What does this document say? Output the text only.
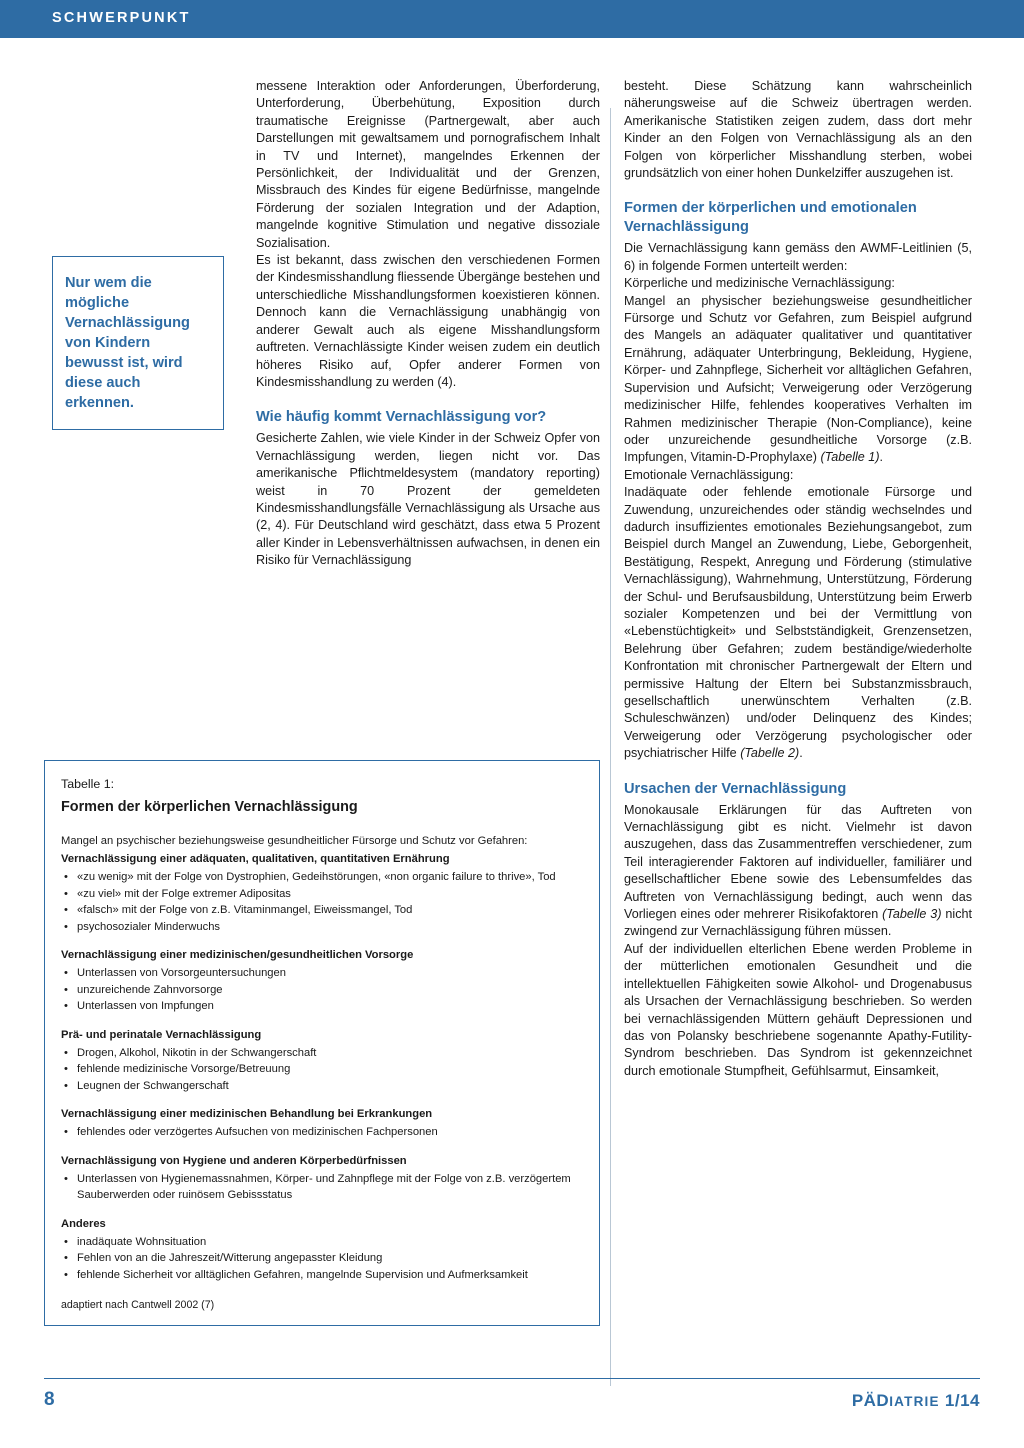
SCHWERPUNKT
Nur wem die mögliche Vernachlässigung von Kindern bewusst ist, wird diese auch erkennen.

messene Interaktion oder Anforderungen, Überforderung, Unterforderung, Überbehütung, Exposition durch traumatische Ereignisse (Partnergewalt, aber auch Darstellungen mit gewaltsamem und pornografischem Inhalt in TV und Internet), mangelndes Erkennen der Persönlichkeit, der Individualität und der Grenzen, Missbrauch des Kindes für eigene Bedürfnisse, mangelnde Förderung der sozialen Integration und der Adaption, mangelnde kognitive Stimulation und negative dissoziale Sozialisation.

Es ist bekannt, dass zwischen den verschiedenen Formen der Kindesmisshandlung fliessende Übergänge bestehen und unterschiedliche Misshandlungsformen koexistieren können. Dennoch kann die Vernachlässigung unabhängig von anderer Gewalt auch als eigene Misshandlungsform auftreten. Vernachlässigte Kinder weisen zudem ein deutlich höheres Risiko auf, Opfer anderer Formen von Kindesmisshandlung zu werden (4).

Wie häufig kommt Vernachlässigung vor?

Gesicherte Zahlen, wie viele Kinder in der Schweiz Opfer von Vernachlässigung werden, liegen nicht vor. Das amerikanische Pflichtmeldesystem (mandatory reporting) weist in 70 Prozent der gemeldeten Kindesmisshandlungsfälle Vernachlässigung als Ursache aus (2, 4). Für Deutschland wird geschätzt, dass etwa 5 Prozent aller Kinder in Lebensverhältnissen aufwachsen, in denen ein Risiko für Vernachlässigung

besteht. Diese Schätzung kann wahrscheinlich näherungsweise auf die Schweiz übertragen werden. Amerikanische Statistiken zeigen zudem, dass dort mehr Kinder an den Folgen von Vernachlässigung als an den Folgen von körperlicher Misshandlung sterben, wobei grundsätzlich von einer hohen Dunkelziffer auszugehen ist.

Formen der körperlichen und emotionalen Vernachlässigung

Die Vernachlässigung kann gemäss den AWMF-Leitlinien (5, 6) in folgende Formen unterteilt werden:

Körperliche und medizinische Vernachlässigung:

Mangel an physischer beziehungsweise gesundheitlicher Fürsorge und Schutz vor Gefahren, zum Beispiel aufgrund des Mangels an adäquater qualitativer und quantitativer Ernährung, adäquater Unterbringung, Bekleidung, Hygiene, Körper- und Zahnpflege, Sicherheit vor alltäglichen Gefahren, Supervision und Aufsicht; Verweigerung oder Verzögerung medizinischer Hilfe, fehlendes kooperatives Verhalten im Rahmen medizinischer Therapie (Non-Compliance), keine oder unzureichende gesundheitliche Vorsorge (z.B. Impfungen, Vitamin-D-Prophylaxe) (Tabelle 1).

Emotionale Vernachlässigung:

Inadäquate oder fehlende emotionale Fürsorge und Zuwendung, unzureichendes oder ständig wechselndes und dadurch insuffizientes emotionales Beziehungsangebot, zum Beispiel durch Mangel an Zuwendung, Liebe, Geborgenheit, Bestätigung, Respekt, Anregung und Förderung (stimulative Vernachlässigung), Wahrnehmung, Unterstützung, Förderung der Schul- und Berufsausbildung, Unterstützung beim Erwerb sozialer Kompetenzen und bei der Vermittlung von «Lebenstüchtigkeit» und Selbstständigkeit, Grenzensetzen, Belehrung über Gefahren; zudem beständige/wiederholte Konfrontation mit chronischer Partnergewalt der Eltern und permissive Haltung der Eltern bei Substanzmissbrauch, gesellschaftlich unerwünschtem Verhalten (z.B. Schuleschwänzen) und/oder Delinquenz des Kindes; Verweigerung oder Verzögerung psychologischer oder psychiatrischer Hilfe (Tabelle 2).

Ursachen der Vernachlässigung

Monokausale Erklärungen für das Auftreten von Vernachlässigung gibt es nicht. Vielmehr ist davon auszugehen, dass das Zusammentreffen verschiedener, zum Teil interagierender Faktoren auf individueller, familiärer und gesellschaftlicher Ebene sowie des Lebensumfeldes das Auftreten von Vernachlässigung bedingt, auch wenn das Vorliegen eines oder mehrerer Risikofaktoren (Tabelle 3) nicht zwingend zur Vernachlässigung führen müssen.

Auf der individuellen elterlichen Ebene werden Probleme in der mütterlichen emotionalen Gesundheit und die intellektuellen Fähigkeiten sowie Alkohol- und Drogenabusus als Ursachen der Vernachlässigung beschrieben. So werden bei vernachlässigenden Müttern gehäuft Depressionen und das von Polansky beschriebene sogenannte Apathy-Futility-Syndrom beschrieben. Das Syndrom ist gekennzeichnet durch emotionale Stumpfheit, Gefühlsarmut, Einsamkeit,

Tabelle 1:
Formen der körperlichen Vernachlässigung
Mangel an psychischer beziehungsweise gesundheitlicher Fürsorge und Schutz vor Gefahren:
Vernachlässigung einer adäquaten, qualitativen, quantitativen Ernährung
• «zu wenig» mit der Folge von Dystrophien, Gedeihstörungen, «non organic failure to thrive», Tod
• «zu viel» mit der Folge extremer Adipositas
• «falsch» mit der Folge von z.B. Vitaminmangel, Eiweissmangel, Tod
• psychosozialer Minderwuchs
Vernachlässigung einer medizinischen/gesundheitlichen Vorsorge
• Unterlassen von Vorsorgeuntersuchungen
• unzureichende Zahnvorsorge
• Unterlassen von Impfungen
Prä- und perinatale Vernachlässigung
• Drogen, Alkohol, Nikotin in der Schwangerschaft
• fehlende medizinische Vorsorge/Betreuung
• Leugnen der Schwangerschaft
Vernachlässigung einer medizinischen Behandlung bei Erkrankungen
• fehlendes oder verzögertes Aufsuchen von medizinischen Fachpersonen
Vernachlässigung von Hygiene und anderen Körperbedürfnissen
• Unterlassen von Hygienemassnahmen, Körper- und Zahnpflege mit der Folge von z.B. verzögertem Sauberwerden oder ruinösem Gebissstatus
Anderes
• inadäquate Wohnsituation
• Fehlen von an die Jahreszeit/Witterung angepasster Kleidung
• fehlende Sicherheit vor alltäglichen Gefahren, mangelnde Supervision und Aufmerksamkeit
adaptiert nach Cantwell 2002 (7)
8	PÄDIATRIE 1/14
